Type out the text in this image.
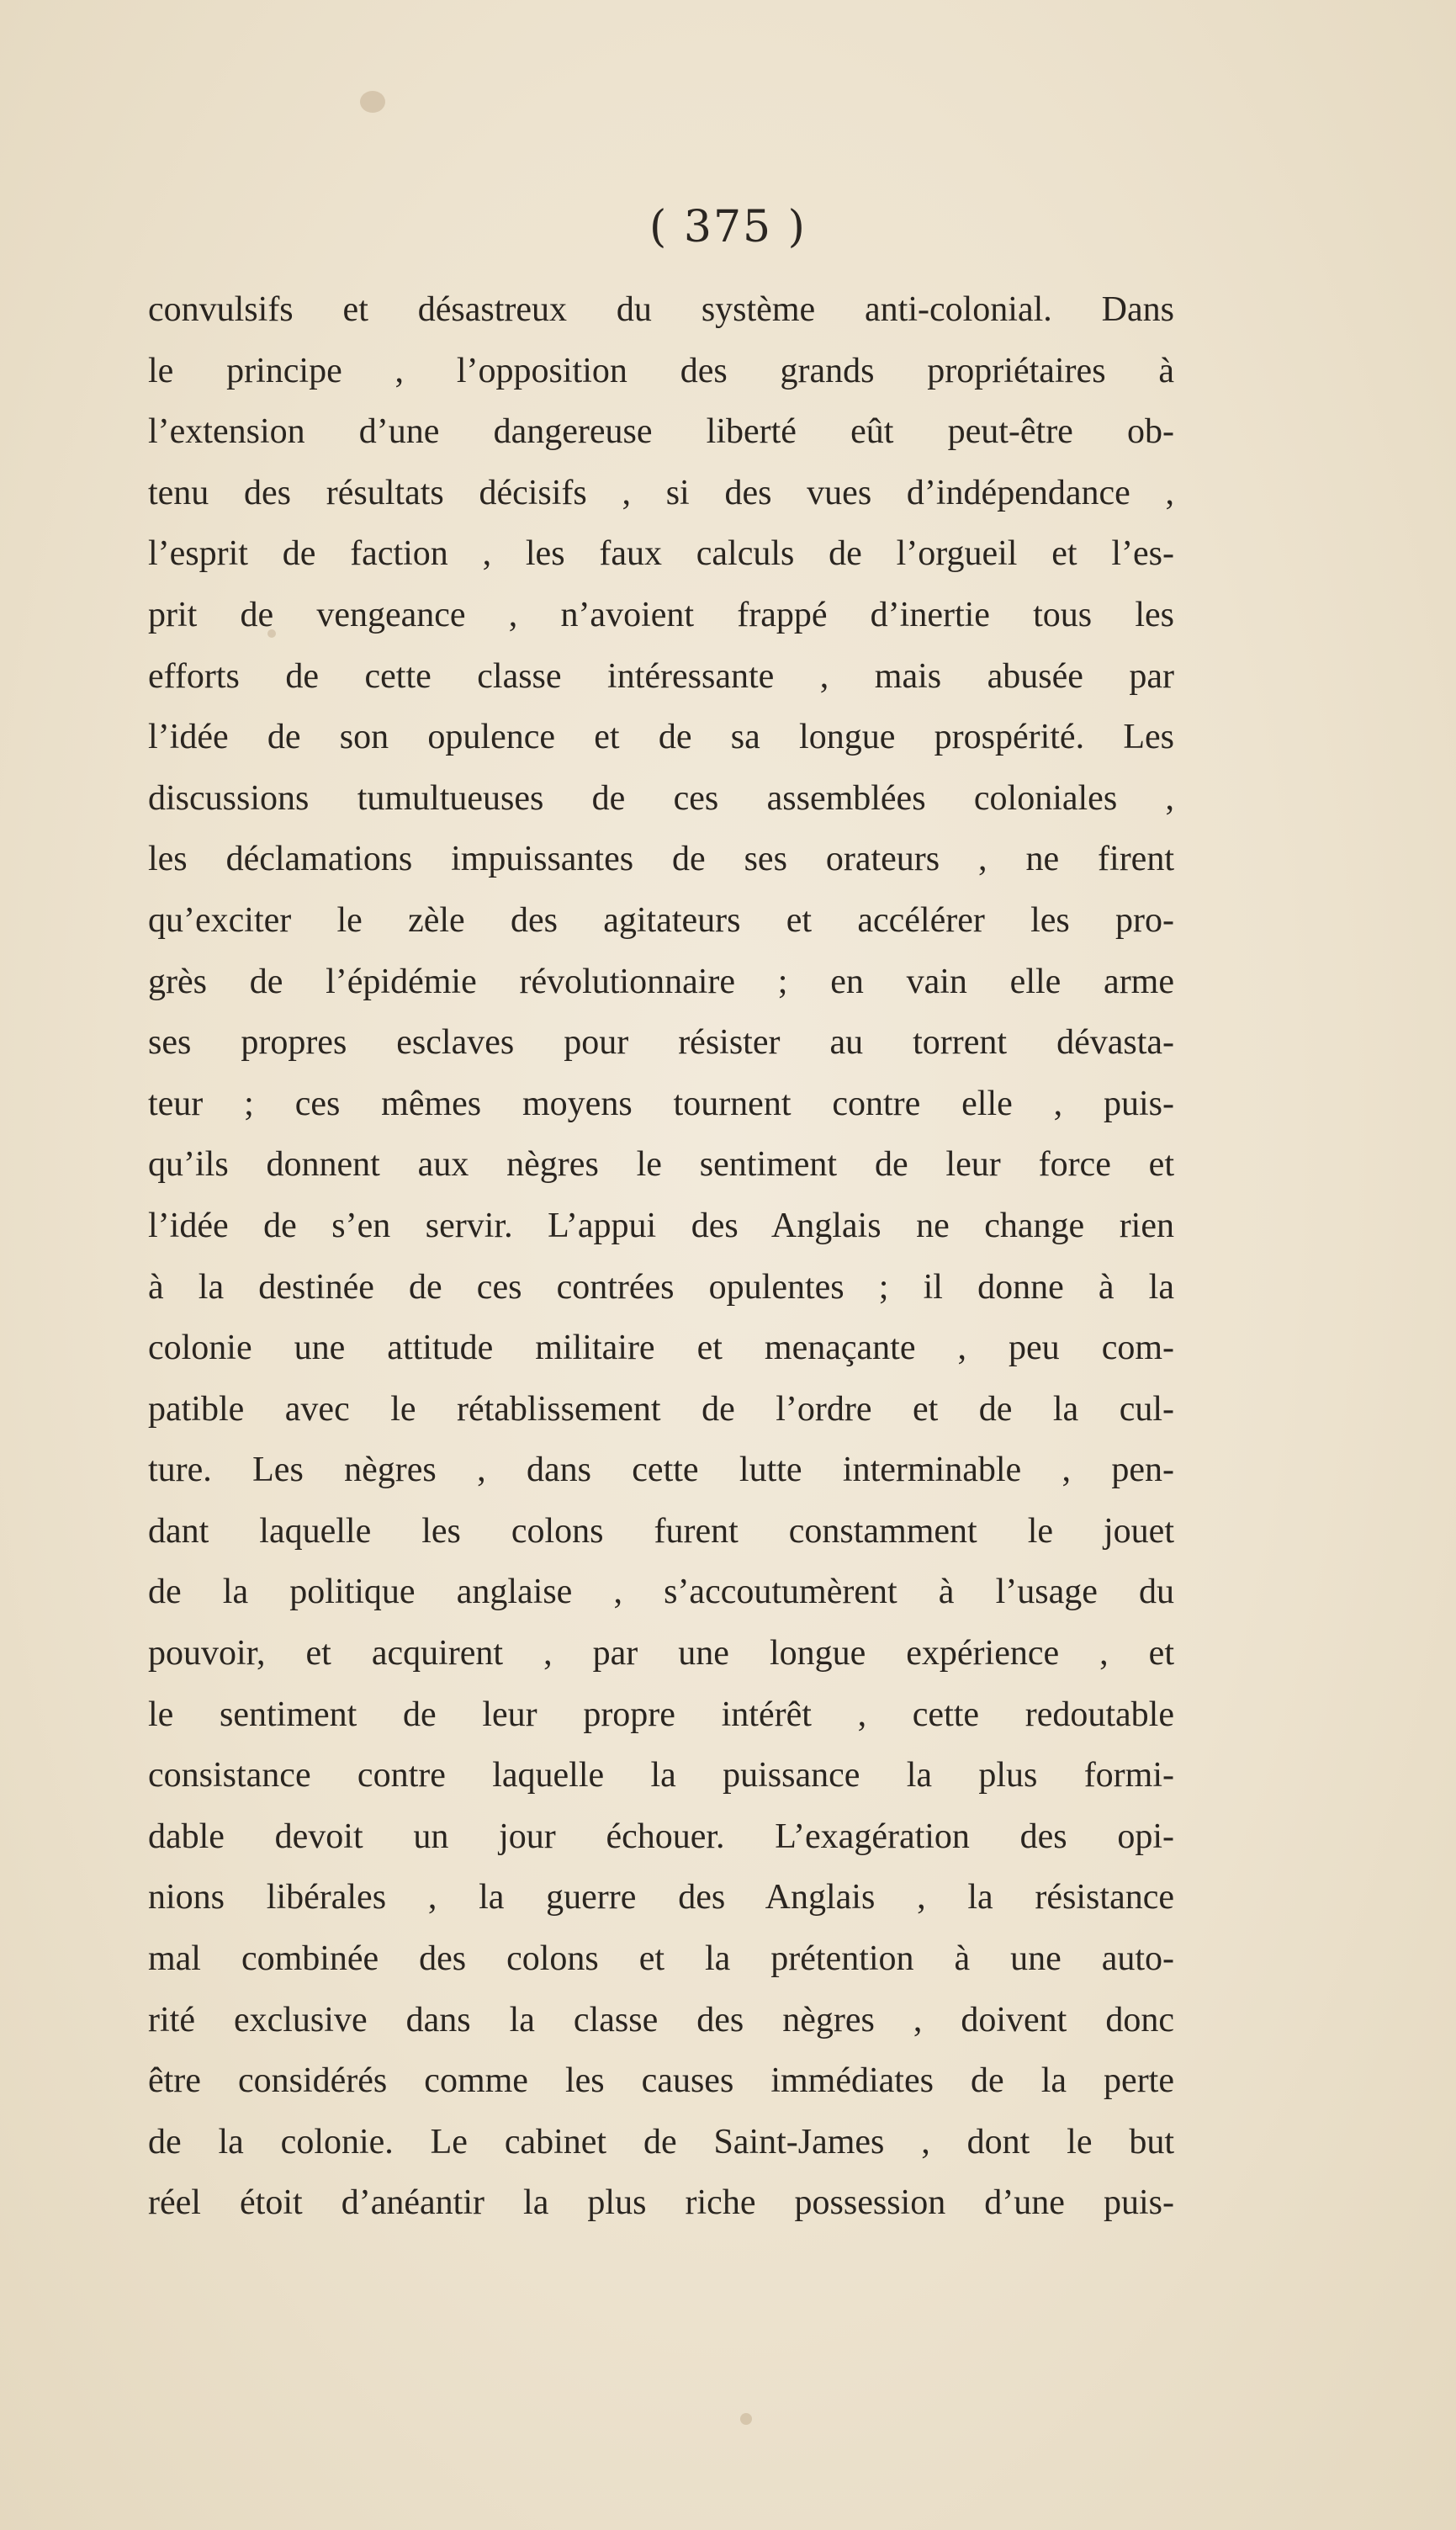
( 375 )
convulsifs et désastreux du système anti-colonial. Dans
le principe , l’opposition des grands propriétaires à
l’extension d’une dangereuse liberté eût peut-être ob-
tenu des résultats décisifs , si des vues d’indépendance ,
l’esprit de faction , les faux calculs de l’orgueil et l’es-
prit de vengeance , n’avoient frappé d’inertie tous les
efforts de cette classe intéressante , mais abusée par
l’idée de son opulence et de sa longue prospérité. Les
discussions tumultueuses de ces assemblées coloniales ,
les déclamations impuissantes de ses orateurs , ne firent
qu’exciter le zèle des agitateurs et accélérer les pro-
grès de l’épidémie révolutionnaire ; en vain elle arme
ses propres esclaves pour résister au torrent dévasta-
teur ; ces mêmes moyens tournent contre elle , puis-
qu’ils donnent aux nègres le sentiment de leur force et
l’idée de s’en servir. L’appui des Anglais ne change rien
à la destinée de ces contrées opulentes ; il donne à la
colonie une attitude militaire et menaçante , peu com-
patible avec le rétablissement de l’ordre et de la cul-
ture. Les nègres , dans cette lutte interminable , pen-
dant laquelle les colons furent constamment le jouet
de la politique anglaise , s’accoutumèrent à l’usage du
pouvoir, et acquirent , par une longue expérience , et
le sentiment de leur propre intérêt , cette redoutable
consistance contre laquelle la puissance la plus formi-
dable devoit un jour échouer. L’exagération des opi-
nions libérales , la guerre des Anglais , la résistance
mal combinée des colons et la prétention à une auto-
rité exclusive dans la classe des nègres , doivent donc
être considérés comme les causes immédiates de la perte
de la colonie. Le cabinet de Saint-James , dont le but
réel étoit d’anéantir la plus riche possession d’une puis-
